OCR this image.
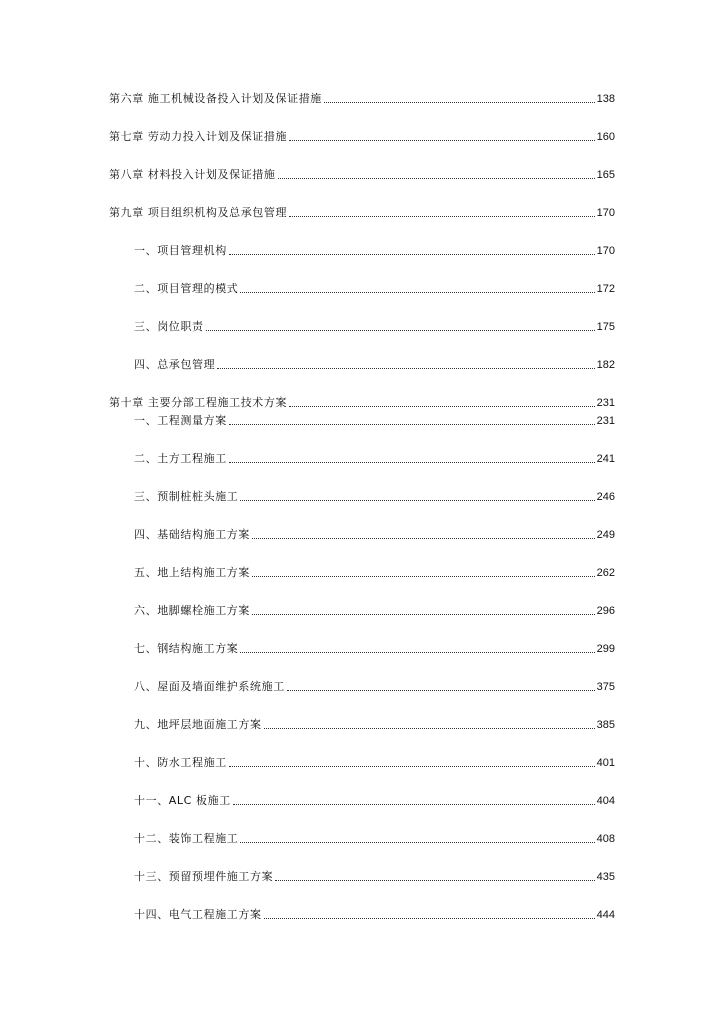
第六章 施工机械设备投入计划及保证措施	138
第七章 劳动力投入计划及保证措施	160
第八章 材料投入计划及保证措施	165
第九章 项目组织机构及总承包管理	170
一、项目管理机构	170
二、项目管理的模式	172
三、岗位职责	175
四、总承包管理	182
第十章 主要分部工程施工技术方案	231
一、工程测量方案	231
二、土方工程施工	241
三、预制桩桩头施工	246
四、基础结构施工方案	249
五、地上结构施工方案	262
六、地脚螺栓施工方案	296
七、钢结构施工方案	299
八、屋面及墙面维护系统施工	375
九、地坪层地面施工方案	385
十、防水工程施工	401
十一、ALC 板施工	404
十二、装饰工程施工	408
十三、预留预埋件施工方案	435
十四、电气工程施工方案	444
